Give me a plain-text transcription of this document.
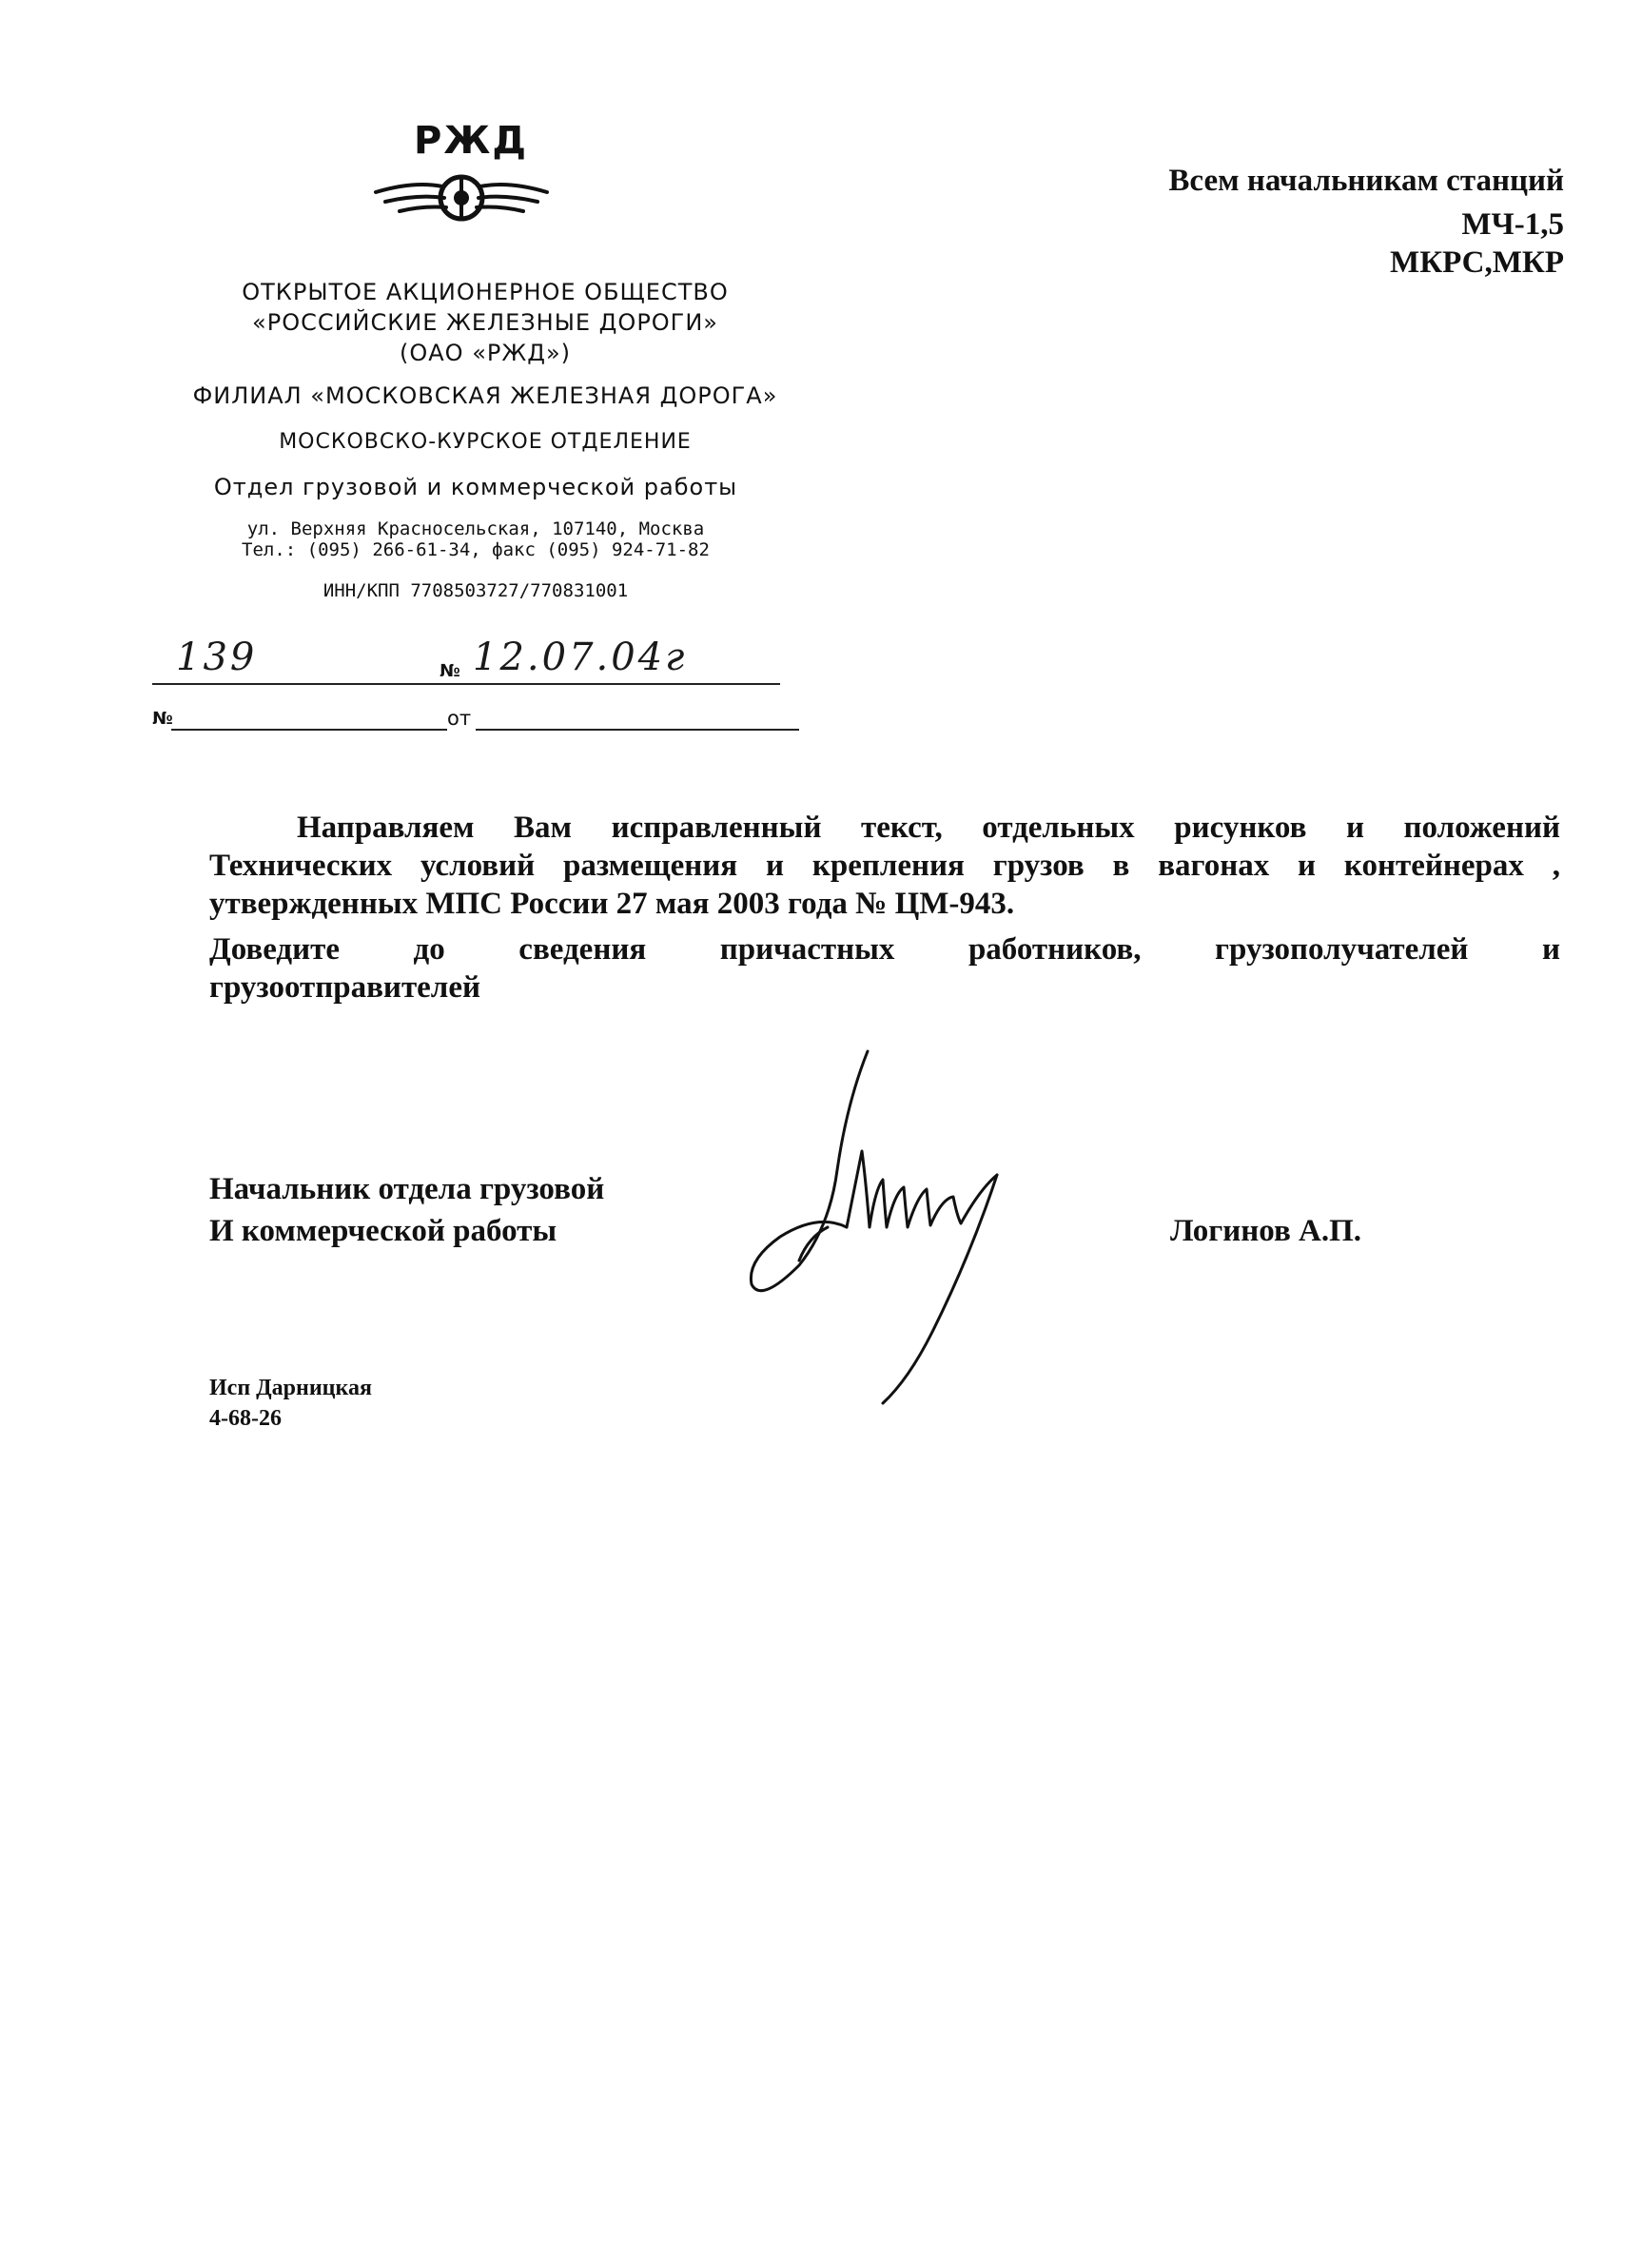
РЖД
ОТКРЫТОЕ АКЦИОНЕРНОЕ ОБЩЕСТВО
«РОССИЙСКИЕ ЖЕЛЕЗНЫЕ ДОРОГИ»
(ОАО «РЖД»)
ФИЛИАЛ «МОСКОВСКАЯ ЖЕЛЕЗНАЯ ДОРОГА»
МОСКОВСКО-КУРСКОЕ ОТДЕЛЕНИЕ
Отдел грузовой и коммерческой работы
ул. Верхняя Красносельская, 107140, Москва
Тел.: (095) 266-61-34, факс (095) 924-71-82
ИНН/КПП 7708503727/770831001
139	№ 12.07.04г
№	от
Всем начальникам станций
МЧ-1,5
МКРС,МКР
Направляем Вам исправленный текст, отдельных рисунков и положений
Технических условий размещения и крепления грузов в вагонах и контейнерах ,
утвержденных МПС России 27 мая 2003 года № ЦМ-943.
Доведите до сведения причастных работников, грузополучателей и
грузоотправителей
Начальник отдела грузовой
И коммерческой работы	Логинов А.П.
Исп Дарницкая
4-68-26
